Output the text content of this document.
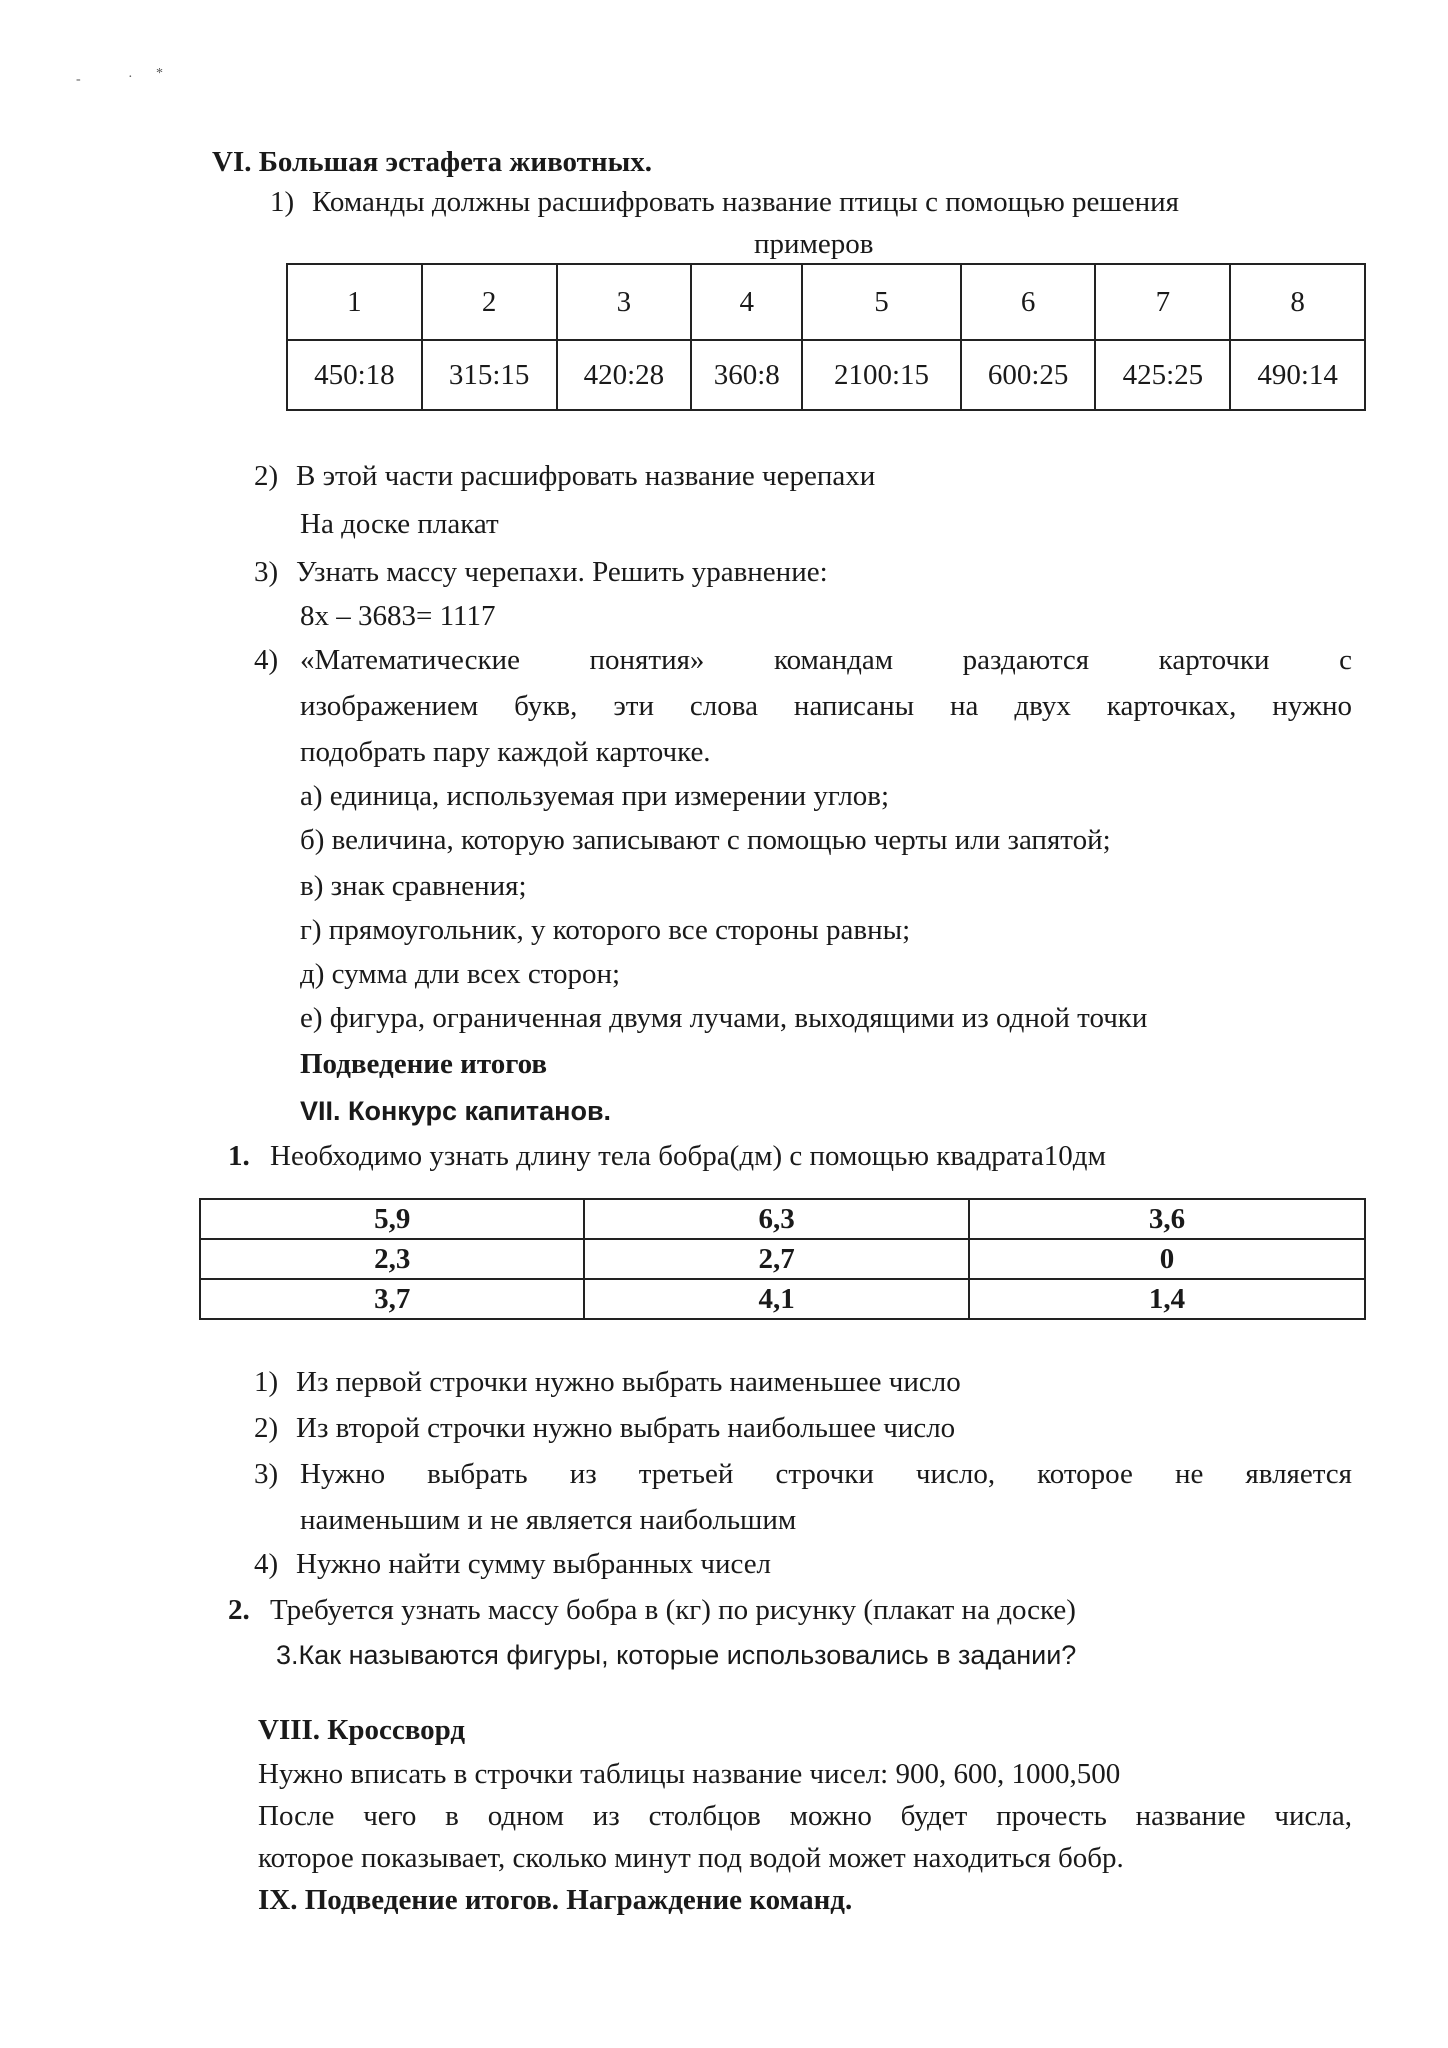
-	· *
VI. Большая эстафета животных.
1) Команды должны расшифровать название птицы с помощью решения
примеров
1	2	3	4	5	6	7	8
450:18	315:15	420:28	360:8	2100:15	600:25	425:25	490:14
2) В этой части расшифровать название черепахи
На доске плакат
3) Узнать массу черепахи. Решить уравнение:
8х – 3683= 1117
4) «Математические понятия» командам раздаются карточки с
изображением букв, эти слова написаны на двух карточках, нужно
подобрать пару каждой карточке.
а) единица, используемая при измерении углов;
б) величина, которую записывают с помощью черты или запятой;
в) знак сравнения;
г) прямоугольник, у которого все стороны равны;
д) сумма дли всех сторон;
е) фигура, ограниченная двумя лучами, выходящими из одной точки
Подведение итогов
VII. Конкурс капитанов.
1. Необходимо узнать длину тела бобра(дм) с помощью квадрата10дм
5,9	6,3	3,6
2,3	2,7	0
3,7	4,1	1,4
1) Из первой строчки нужно выбрать наименьшее число
2) Из второй строчки нужно выбрать наибольшее число
3) Нужно выбрать из третьей строчки число, которое не является
наименьшим и не является наибольшим
4) Нужно найти сумму выбранных чисел
2. Требуется узнать массу бобра в (кг) по рисунку (плакат на доске)
3.Как называются фигуры, которые использовались в задании?
VIII. Кроссворд
Нужно вписать в строчки таблицы название чисел: 900, 600, 1000,500
После чего в одном из столбцов можно будет прочесть название числа,
которое показывает, сколько минут под водой может находиться бобр.
IX. Подведение итогов. Награждение команд.
